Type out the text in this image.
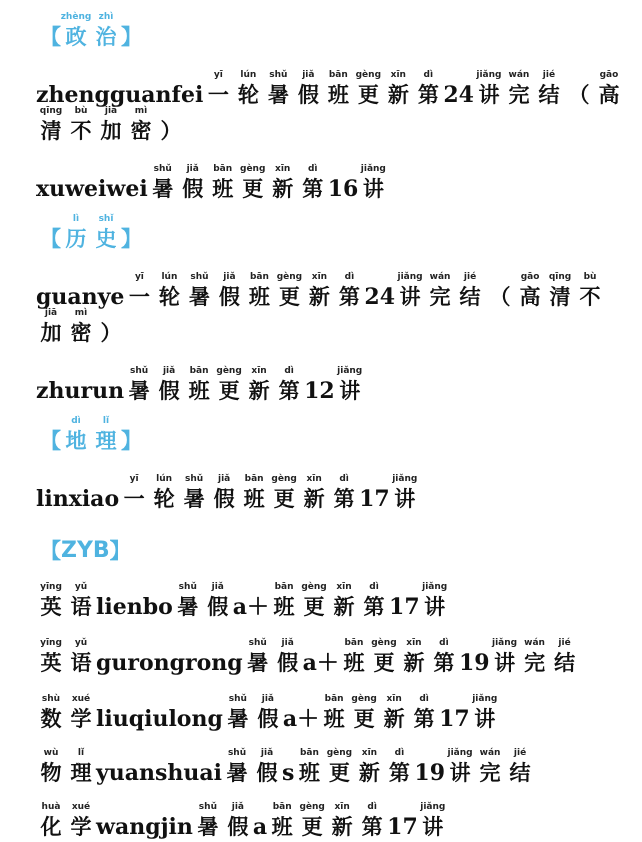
【
zhèng
政
zhì
治 】
zhengguanfei
yī
一
lún
轮
shǔ
暑
jiǎ
假
bān
班
gèng
更
xīn
新
dì
第 24
jiǎng
讲
wán
完
jié
结 （
gāo
高
qīng
清
bù
不
jiā
加
mì
密 ）
xuweiwei
shǔ
暑
jiǎ
假
bān
班
gèng
更
xīn
新
dì
第 16
jiǎng
讲
【
lì
历
shǐ
史 】
guanye
yī
一
lún
轮
shǔ
暑
jiǎ
假
bān
班
gèng
更
xīn
新
dì
第 24
jiǎng
讲
wán
完
jié
结 （
gāo
高
qīng
清
bù
不
jiā
加
mì
密 ）
zhurun
shǔ
暑
jiǎ
假
bān
班
gèng
更
xīn
新
dì
第 12
jiǎng
讲
【
dì
地
lǐ
理 】
linxiao
yī
一
lún
轮
shǔ
暑
jiǎ
假
bān
班
gèng
更
xīn
新
dì
第 17
jiǎng
讲
【ZYB】
yīng
英
yǔ
语 lienbo
shǔ
暑
jiǎ
假 a＋
bān
班
gèng
更
xīn
新
dì
第 17
jiǎng
讲
yīng
英
yǔ
语 gurongrong
shǔ
暑
jiǎ
假 a＋
bān
班
gèng
更
xīn
新
dì
第 19
jiǎng
讲
wán
完
jié
结
shù
数
xué
学 liuqiulong
shǔ
暑
jiǎ
假 a＋
bān
班
gèng
更
xīn
新
dì
第 17
jiǎng
讲
wù
物
lǐ
理 yuanshuai
shǔ
暑
jiǎ
假 s
bān
班
gèng
更
xīn
新
dì
第 19
jiǎng
讲
wán
完
jié
结
huà
化
xué
学 wangjin
shǔ
暑
jiǎ
假 a
bān
班
gèng
更
xīn
新
dì
第 17
jiǎng
讲
